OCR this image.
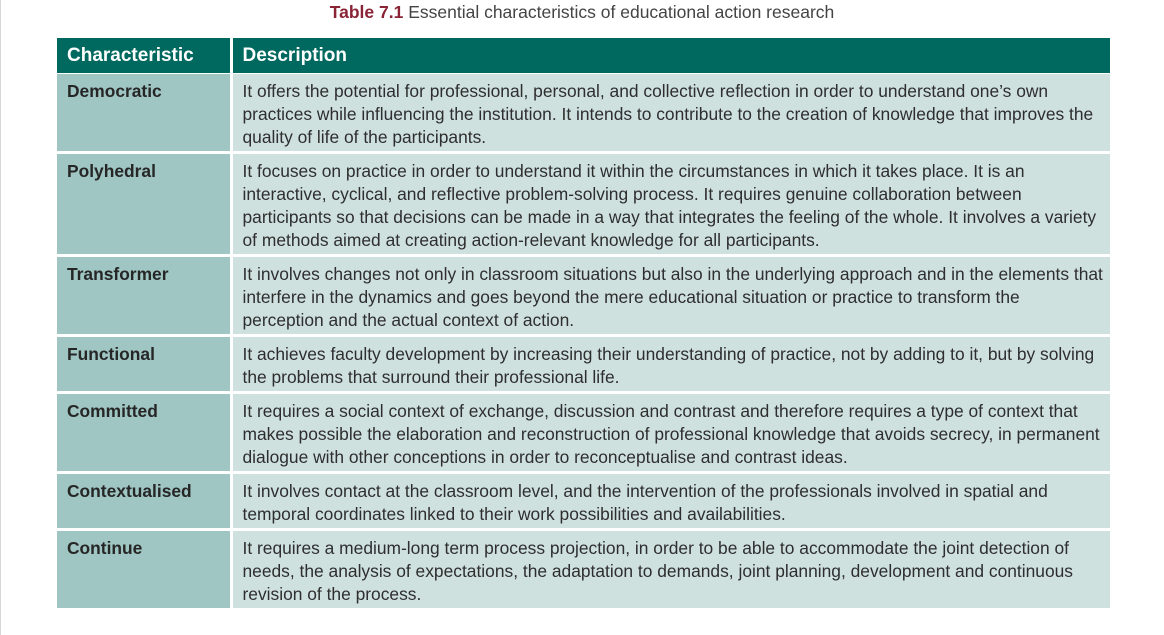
Table 7.1 Essential characteristics of educational action research
Characteristic	Description
Democratic	It offers the potential for professional, personal, and collective reflection in order to understand one’s own practices while influencing the institution. It intends to contribute to the creation of knowledge that improves the quality of life of the participants.
Polyhedral	It focuses on practice in order to understand it within the circumstances in which it takes place. It is an interactive, cyclical, and reflective problem-solving process. It requires genuine collaboration between participants so that decisions can be made in a way that integrates the feeling of the whole. It involves a variety of methods aimed at creating action-relevant knowledge for all participants.
Transformer	It involves changes not only in classroom situations but also in the underlying approach and in the elements that interfere in the dynamics and goes beyond the mere educational situation or practice to transform the perception and the actual context of action.
Functional	It achieves faculty development by increasing their understanding of practice, not by adding to it, but by solving the problems that surround their professional life.
Committed	It requires a social context of exchange, discussion and contrast and therefore requires a type of context that makes possible the elaboration and reconstruction of professional knowledge that avoids secrecy, in permanent dialogue with other conceptions in order to reconceptualise and contrast ideas.
Contextualised	It involves contact at the classroom level, and the intervention of the professionals involved in spatial and temporal coordinates linked to their work possibilities and availabilities.
Continue	It requires a medium-long term process projection, in order to be able to accommodate the joint detection of needs, the analysis of expectations, the adaptation to demands, joint planning, development and continuous revision of the process.
